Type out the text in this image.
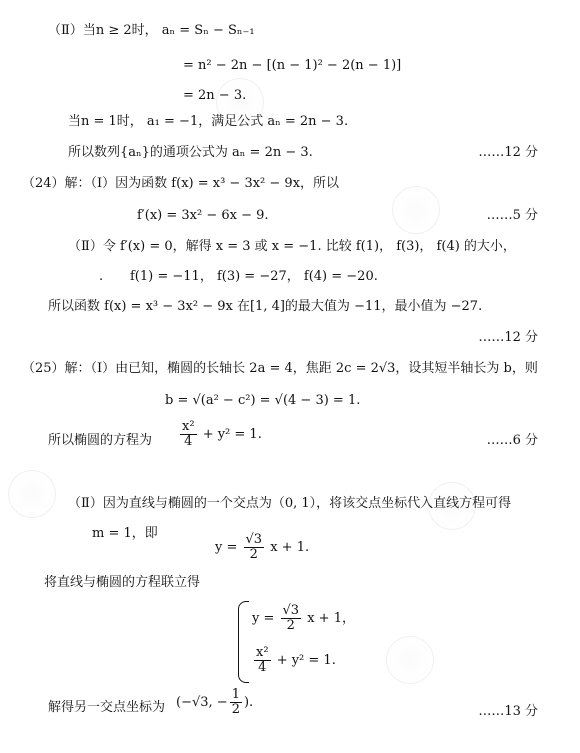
（Ⅱ）当n ≥ 2时， aₙ = Sₙ − Sₙ₋₁
= n² − 2n − [(n − 1)² − 2(n − 1)]
= 2n − 3.
当n = 1时， a₁ = −1，满足公式 aₙ = 2n − 3.
所以数列{aₙ}的通项公式为 aₙ = 2n − 3.	……12 分
（24）解：（Ⅰ）因为函数 f(x) = x³ − 3x² − 9x，所以
f′(x) = 3x² − 6x − 9.	……5 分
（Ⅱ）令 f′(x) = 0，解得 x = 3 或 x = −1. 比较 f(1)， f(3)， f(4) 的大小，
. f(1) = −11， f(3) = −27， f(4) = −20.
所以函数 f(x) = x³ − 3x² − 9x 在[1, 4]的最大值为 −11，最小值为 −27.
……12 分
（25）解：（Ⅰ）由已知，椭圆的长轴长 2a = 4，焦距 2c = 2√3，设其短半轴长为 b，则
b = √(a² − c²) = √(4 − 3) = 1.
所以椭圆的方程为 $\frac{\text{x²}}{4} + y^2 = 1$.	……6 分
（Ⅱ）因为直线与椭圆的一个交点为（0, 1），将该交点坐标代入直线方程可得
m = 1，即
$y = \frac{√3}{2}$ x + 1.
将直线与椭圆的方程联立得
$y = \frac{√3}{2}$ x + 1，
$\frac{\text{x²}}{4} + y^2 = 1$.
解得另一交点坐标为 (−√3, − $\frac{1}{2}$ ).
……13 分
